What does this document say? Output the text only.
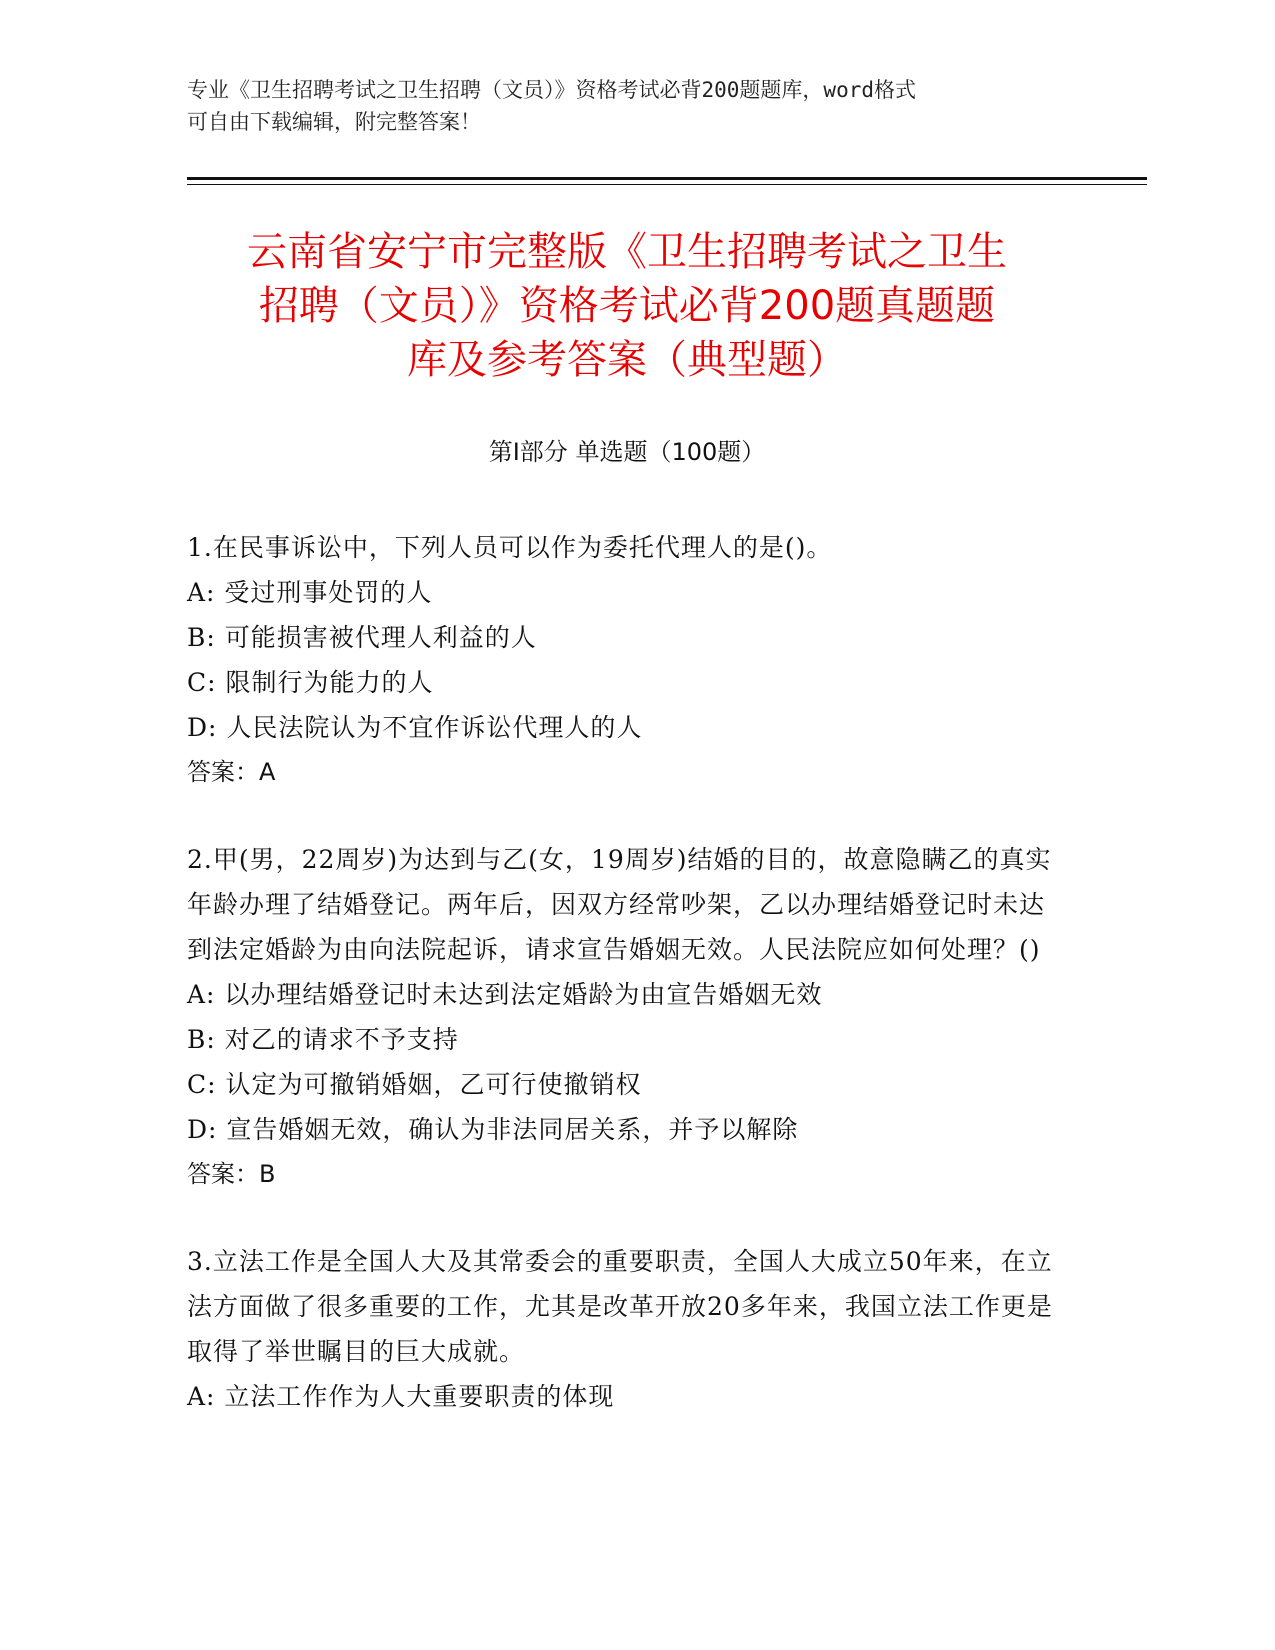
专业《卫生招聘考试之卫生招聘（文员）》资格考试必背200题题库，word格式
可自由下载编辑，附完整答案！
云南省安宁市完整版《卫生招聘考试之卫生
招聘（文员）》资格考试必背200题真题题
库及参考答案（典型题）
第Ⅰ部分 单选题（100题）
1.在民事诉讼中，下列人员可以作为委托代理人的是()。
A: 受过刑事处罚的人
B: 可能损害被代理人利益的人
C: 限制行为能力的人
D: 人民法院认为不宜作诉讼代理人的人
答案：A
2.甲(男，22周岁)为达到与乙(女，19周岁)结婚的目的，故意隐瞒乙的真实年龄办理了结婚登记。两年后，因双方经常吵架，乙以办理结婚登记时未达到法定婚龄为由向法院起诉，请求宣告婚姻无效。人民法院应如何处理？()
A: 以办理结婚登记时未达到法定婚龄为由宣告婚姻无效
B: 对乙的请求不予支持
C: 认定为可撤销婚姻，乙可行使撤销权
D: 宣告婚姻无效，确认为非法同居关系，并予以解除
答案：B
3.立法工作是全国人大及其常委会的重要职责，全国人大成立50年来，在立法方面做了很多重要的工作，尤其是改革开放20多年来，我国立法工作更是取得了举世瞩目的巨大成就。
A: 立法工作作为人大重要职责的体现
